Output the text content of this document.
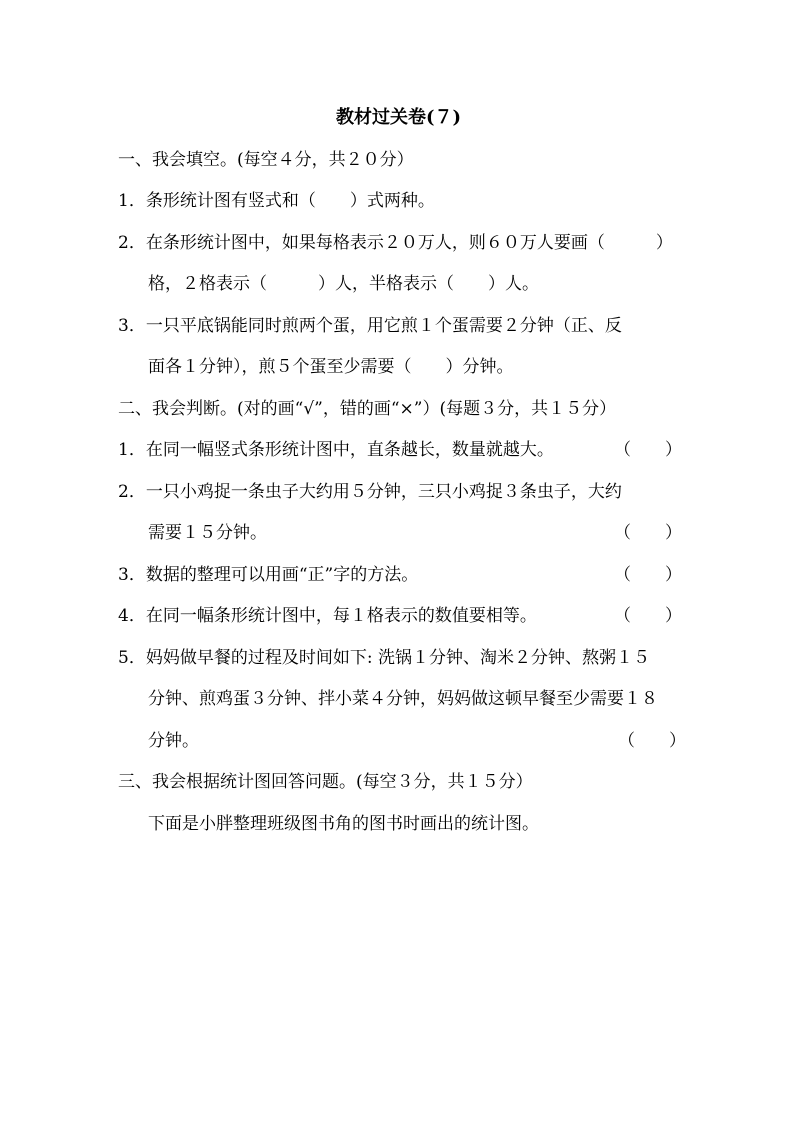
教材过关卷(７)
一、我会填空。(每空４分，共２０分）
1．条形统计图有竖式和（　　）式两种。
2．在条形统计图中，如果每格表示２０万人，则６０万人要画（　　　）
格，２格表示（　　　）人，半格表示（　　）人。
3．一只平底锅能同时煎两个蛋，用它煎１个蛋需要２分钟（正、反
面各１分钟），煎５个蛋至少需要（　　）分钟。
二、我会判断。(对的画“√”，错的画“×”）(每题３分，共１５分）
1．在同一幅竖式条形统计图中，直条越长，数量就越大。	（　　）
2．一只小鸡捉一条虫子大约用５分钟，三只小鸡捉３条虫子，大约
需要１５分钟。	（　　）
3．数据的整理可以用画“正”字的方法。	（　　）
4．在同一幅条形统计图中，每１格表示的数值要相等。	（　　）
5．妈妈做早餐的过程及时间如下: 洗锅１分钟、淘米２分钟、熬粥１５
分钟、煎鸡蛋３分钟、拌小菜４分钟，妈妈做这顿早餐至少需要１８
分钟。	（　　）
三、我会根据统计图回答问题。(每空３分，共１５分）
下面是小胖整理班级图书角的图书时画出的统计图。
